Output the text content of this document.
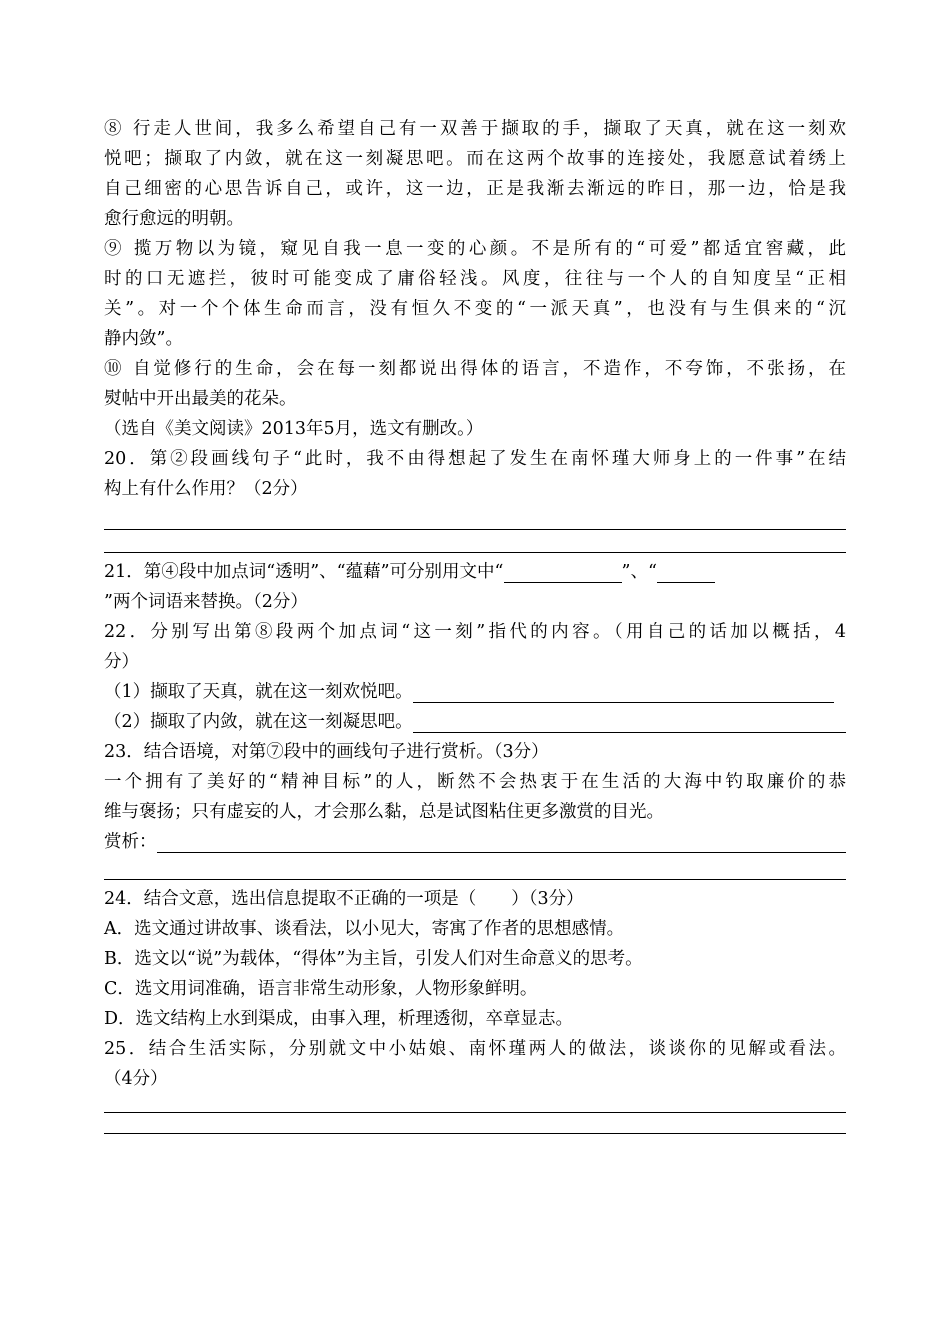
⑧ 行走人世间，我多么希望自己有一双善于撷取的手，撷取了天真，就在这一刻欢
悦吧；撷取了内敛，就在这一刻凝思吧。而在这两个故事的连接处，我愿意试着绣上
自己细密的心思告诉自己，或许，这一边，正是我渐去渐远的昨日，那一边，恰是我
愈行愈远的明朝。
⑨ 揽万物以为镜，窥见自我一息一变的心颜。不是所有的“可爱”都适宜窖藏，此
时的口无遮拦，彼时可能变成了庸俗轻浅。风度，往往与一个人的自知度呈“正相
关”。对一个个体生命而言，没有恒久不变的“一派天真”，也没有与生俱来的“沉
静内敛”。
⑩ 自觉修行的生命，会在每一刻都说出得体的语言，不造作，不夸饰，不张扬，在
熨帖中开出最美的花朵。
（选自《美文阅读》2013年5月，选文有删改。）
20．第②段画线句子“此时，我不由得想起了发生在南怀瑾大师身上的一件事”在结
构上有什么作用？（2分）
21．第④段中加点词“透明”、“蕴藉”可分别用文中“	”、“
”两个词语来替换。（2分）
22．分别写出第⑧段两个加点词“这一刻”指代的内容。（用自己的话加以概括，4
分）
（1）撷取了天真，就在这一刻欢悦吧。
（2）撷取了内敛，就在这一刻凝思吧。
23．结合语境，对第⑦段中的画线句子进行赏析。（3分）
一个拥有了美好的“精神目标”的人，断然不会热衷于在生活的大海中钓取廉价的恭
维与褒扬；只有虚妄的人，才会那么黏，总是试图粘住更多激赏的目光。
赏析：
24．结合文意，选出信息提取不正确的一项是（　　）（3分）
A．选文通过讲故事、谈看法，以小见大，寄寓了作者的思想感情。
B．选文以“说”为载体，“得体”为主旨，引发人们对生命意义的思考。
C．选文用词准确，语言非常生动形象，人物形象鲜明。
D．选文结构上水到渠成，由事入理，析理透彻，卒章显志。
25．结合生活实际，分别就文中小姑娘、南怀瑾两人的做法，谈谈你的见解或看法。
（4分）
